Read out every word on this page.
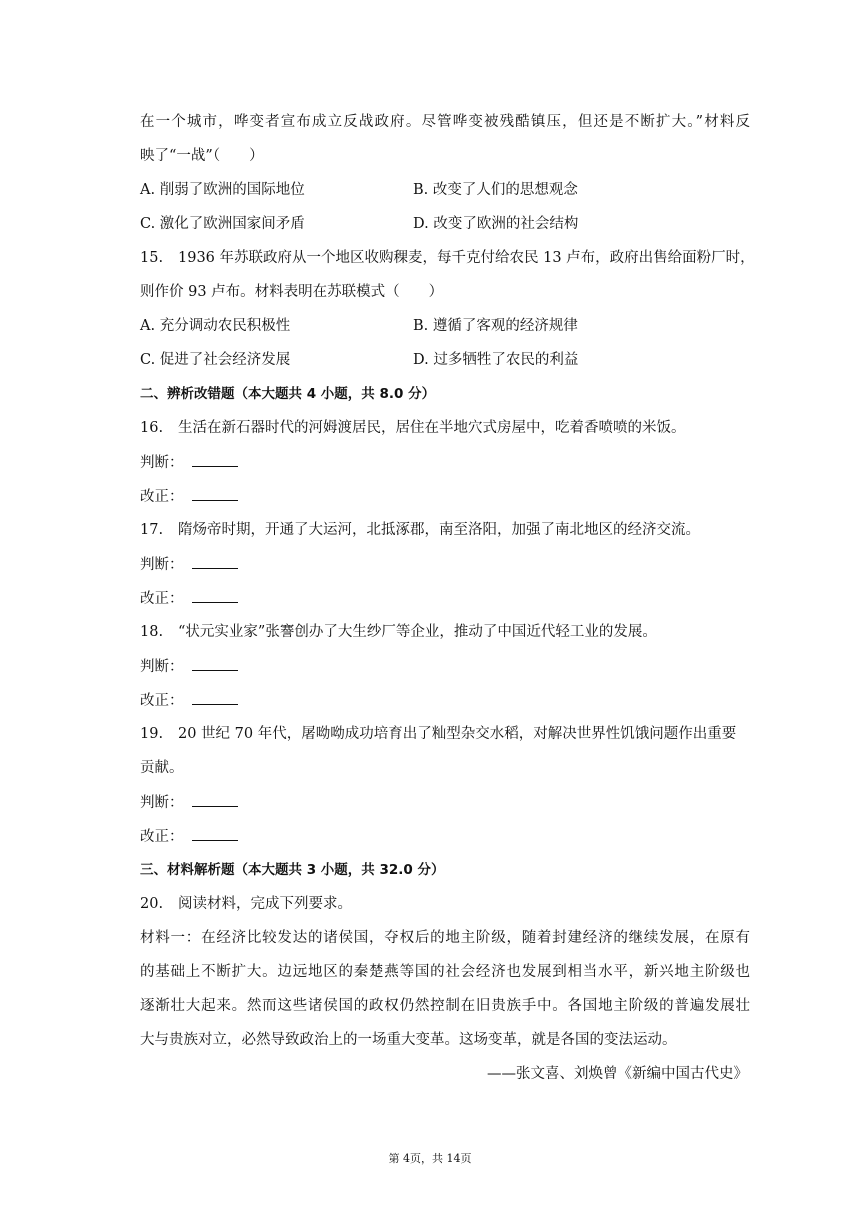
在一个城市，哗变者宣布成立反战政府。尽管哗变被残酷镇压，但还是不断扩大。”材料反
映了“一战”（　　）
A. 削弱了欧洲的国际地位	B. 改变了人们的思想观念
C. 激化了欧洲国家间矛盾	D. 改变了欧洲的社会结构
15. 1936 年苏联政府从一个地区收购稞麦，每千克付给农民 13 卢布，政府出售给面粉厂时，
则作价 93 卢布。材料表明在苏联模式（　　）
A. 充分调动农民积极性	B. 遵循了客观的经济规律
C. 促进了社会经济发展	D. 过多牺牲了农民的利益
二、辨析改错题（本大题共 4 小题，共 8.0 分）
16. 生活在新石器时代的河姆渡居民，居住在半地穴式房屋中，吃着香喷喷的米饭。
判断：
改正：
17. 隋炀帝时期，开通了大运河，北抵涿郡，南至洛阳，加强了南北地区的经济交流。
判断：
改正：
18. “状元实业家”张謇创办了大生纱厂等企业，推动了中国近代轻工业的发展。
判断：
改正：
19. 20 世纪 70 年代，屠呦呦成功培育出了籼型杂交水稻，对解决世界性饥饿问题作出重要
贡献。
判断：
改正：
三、材料解析题（本大题共 3 小题，共 32.0 分）
20. 阅读材料，完成下列要求。
材料一：在经济比较发达的诸侯国，夺权后的地主阶级，随着封建经济的继续发展，在原有
的基础上不断扩大。边远地区的秦楚燕等国的社会经济也发展到相当水平，新兴地主阶级也
逐渐壮大起来。然而这些诸侯国的政权仍然控制在旧贵族手中。各国地主阶级的普遍发展壮
大与贵族对立，必然导致政治上的一场重大变革。这场变革，就是各国的变法运动。
——张文喜、刘焕曾《新编中国古代史》
第 4页，共 14页
